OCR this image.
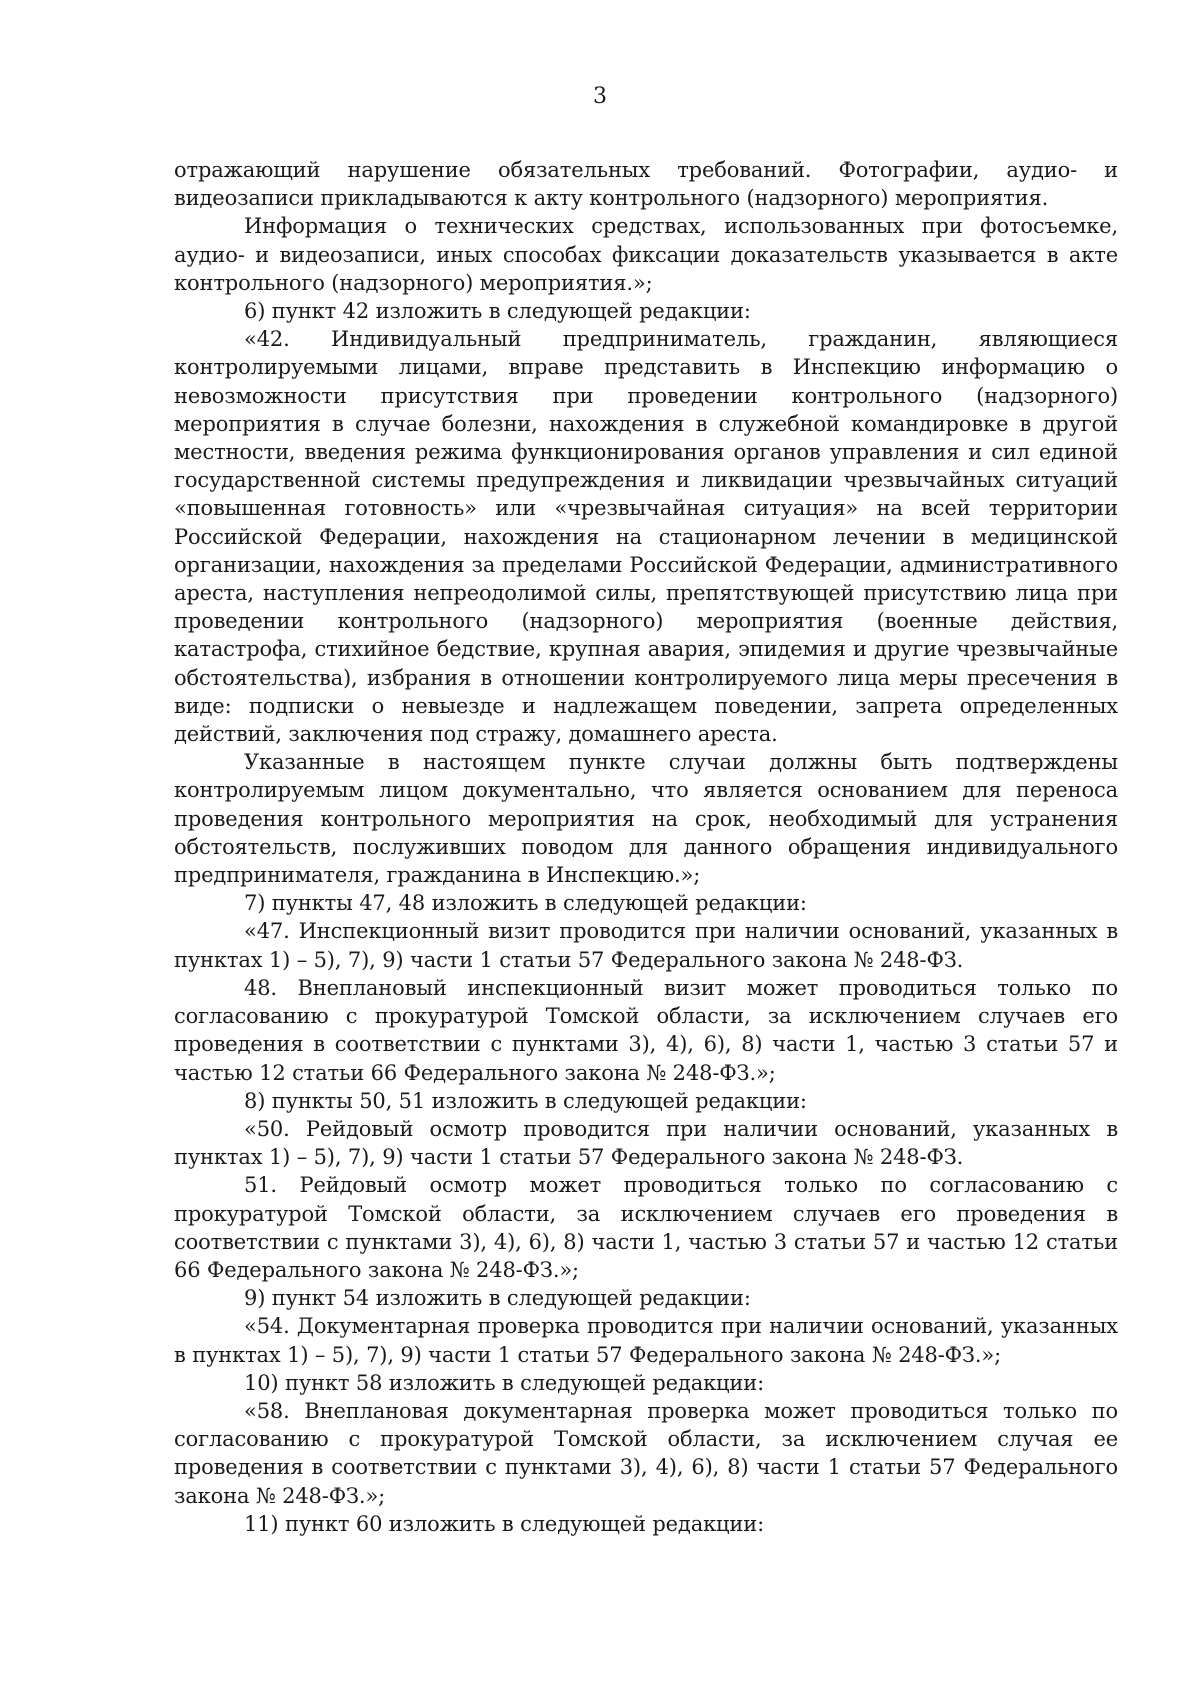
3

отражающий нарушение обязательных требований. Фотографии, аудио- и видеозаписи прикладываются к акту контрольного (надзорного) мероприятия.

Информация о технических средствах, использованных при фотосъемке, аудио- и видеозаписи, иных способах фиксации доказательств указывается в акте контрольного (надзорного) мероприятия.»;

6) пункт 42 изложить в следующей редакции:

«42. Индивидуальный предприниматель, гражданин, являющиеся контролируемыми лицами, вправе представить в Инспекцию информацию о невозможности присутствия при проведении контрольного (надзорного) мероприятия в случае болезни, нахождения в служебной командировке в другой местности, введения режима функционирования органов управления и сил единой государственной системы предупреждения и ликвидации чрезвычайных ситуаций «повышенная готовность» или «чрезвычайная ситуация» на всей территории Российской Федерации, нахождения на стационарном лечении в медицинской организации, нахождения за пределами Российской Федерации, административного ареста, наступления непреодолимой силы, препятствующей присутствию лица при проведении контрольного (надзорного) мероприятия (военные действия, катастрофа, стихийное бедствие, крупная авария, эпидемия и другие чрезвычайные обстоятельства), избрания в отношении контролируемого лица меры пресечения в виде: подписки о невыезде и надлежащем поведении, запрета определенных действий, заключения под стражу, домашнего ареста.

Указанные в настоящем пункте случаи должны быть подтверждены контролируемым лицом документально, что является основанием для переноса проведения контрольного мероприятия на срок, необходимый для устранения обстоятельств, послуживших поводом для данного обращения индивидуального предпринимателя, гражданина в Инспекцию.»;

7) пункты 47, 48 изложить в следующей редакции:

«47. Инспекционный визит проводится при наличии оснований, указанных в пунктах 1) – 5), 7), 9) части 1 статьи 57 Федерального закона № 248-ФЗ.

48. Внеплановый инспекционный визит может проводиться только по согласованию с прокуратурой Томской области, за исключением случаев его проведения в соответствии с пунктами 3), 4), 6), 8) части 1, частью 3 статьи 57 и частью 12 статьи 66 Федерального закона № 248-ФЗ.»;

8) пункты 50, 51 изложить в следующей редакции:

«50. Рейдовый осмотр проводится при наличии оснований, указанных в пунктах 1) – 5), 7), 9) части 1 статьи 57 Федерального закона № 248-ФЗ.

51. Рейдовый осмотр может проводиться только по согласованию с прокуратурой Томской области, за исключением случаев его проведения в соответствии с пунктами 3), 4), 6), 8) части 1, частью 3 статьи 57 и частью 12 статьи 66 Федерального закона № 248-ФЗ.»;

9) пункт 54 изложить в следующей редакции:

«54. Документарная проверка проводится при наличии оснований, указанных в пунктах 1) – 5), 7), 9) части 1 статьи 57 Федерального закона № 248-ФЗ.»;

10) пункт 58 изложить в следующей редакции:

«58. Внеплановая документарная проверка может проводиться только по согласованию с прокуратурой Томской области, за исключением случая ее проведения в соответствии с пунктами 3), 4), 6), 8) части 1 статьи 57 Федерального закона № 248-ФЗ.»;

11) пункт 60 изложить в следующей редакции:
